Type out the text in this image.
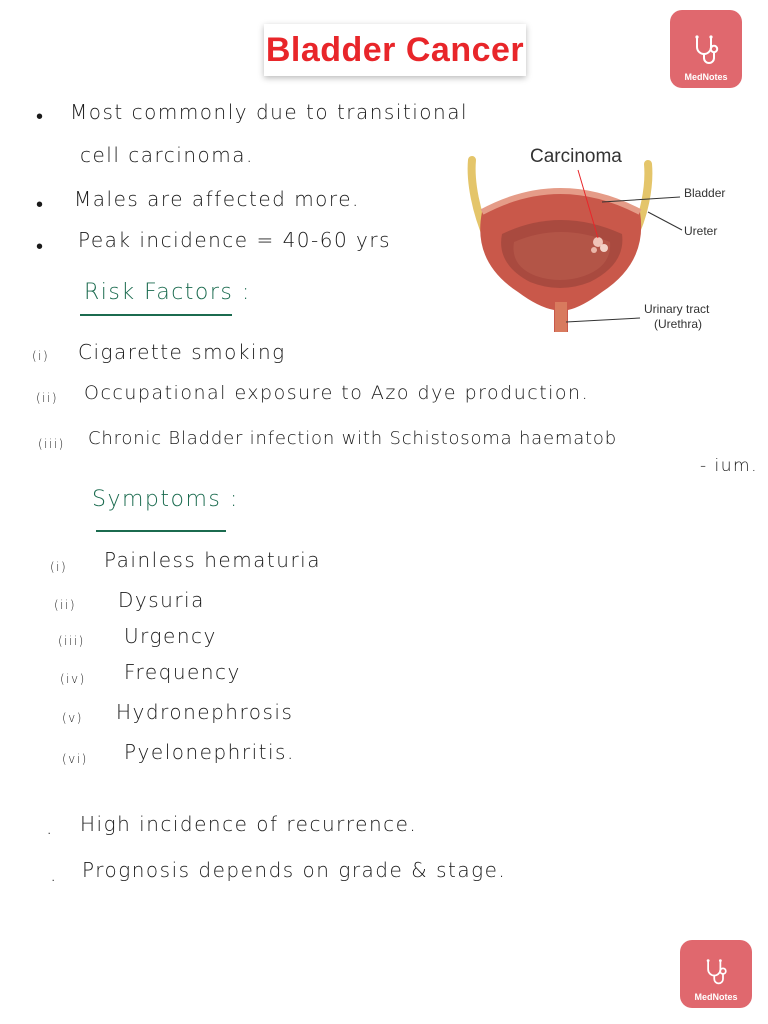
Bladder Cancer
MedNotes
• Most commonly due to transitional
cell carcinoma.
• Males are affected more.
• Peak incidence = 40-60 yrs
Carcinoma
Bladder
Ureter
Urinary tract
(Urethra)
Risk Factors :
(i) Cigarette smoking
(ii) Occupational exposure to Azo dye production.
(iii) Chronic Bladder infection with Schistosoma haematob
- ium.
Symptoms :
(i) Painless hematuria
(ii) Dysuria
(iii) Urgency
(iv) Frequency
(v) Hydronephrosis
(vi) Pyelonephritis.
. High incidence of recurrence.
. Prognosis depends on grade & stage.
MedNotes
